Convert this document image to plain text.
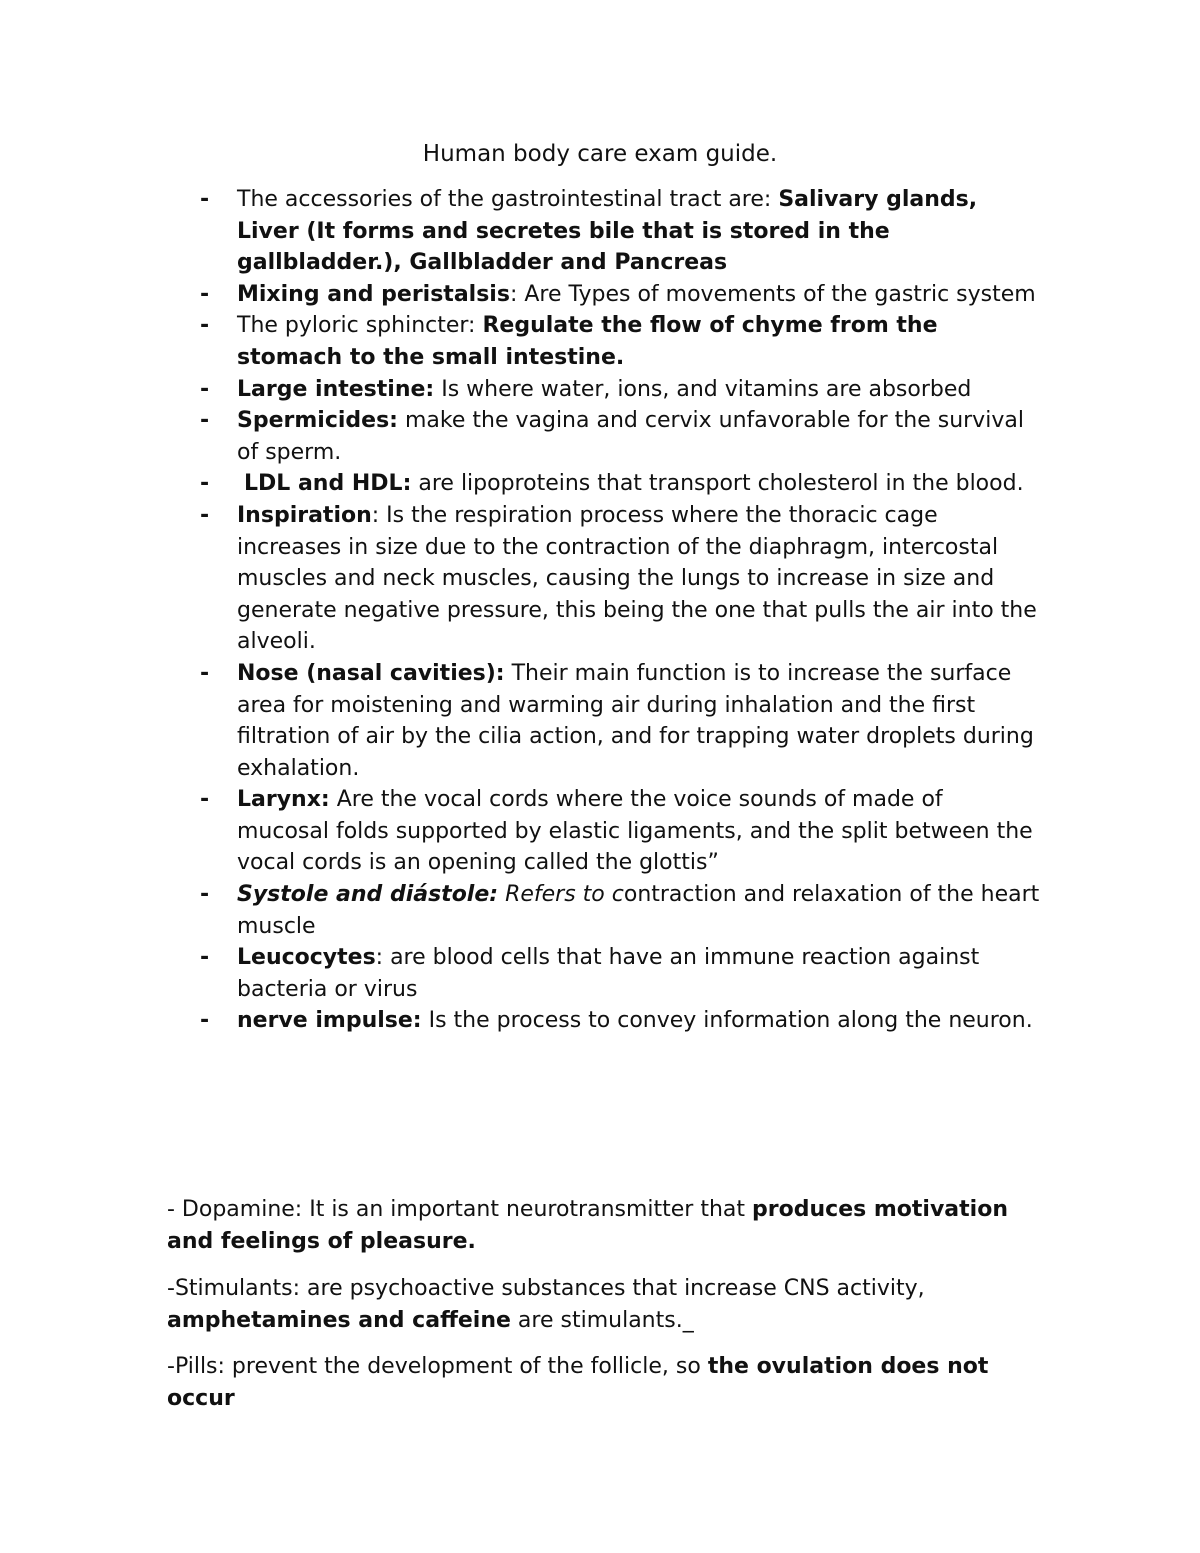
Human body care exam guide.
- The accessories of the gastrointestinal tract are: Salivary glands, Liver (It forms and secretes bile that is stored in the gallbladder.), Gallbladder and Pancreas
- Mixing and peristalsis: Are Types of movements of the gastric system
- The pyloric sphincter: Regulate the flow of chyme from the stomach to the small intestine.
- Large intestine: Is where water, ions, and vitamins are absorbed
- Spermicides: make the vagina and cervix unfavorable for the survival of sperm.
- LDL and HDL: are lipoproteins that transport cholesterol in the blood.
- Inspiration: Is the respiration process where the thoracic cage increases in size due to the contraction of the diaphragm, intercostal muscles and neck muscles, causing the lungs to increase in size and generate negative pressure, this being the one that pulls the air into the alveoli.
- Nose (nasal cavities): Their main function is to increase the surface area for moistening and warming air during inhalation and the first filtration of air by the cilia action, and for trapping water droplets during exhalation.
- Larynx: Are the vocal cords where the voice sounds of made of mucosal folds supported by elastic ligaments, and the split between the vocal cords is an opening called the glottis”
- Systole and diástole: Refers to contraction and relaxation of the heart muscle
- Leucocytes: are blood cells that have an immune reaction against bacteria or virus
- nerve impulse: Is the process to convey information along the neuron.

- Dopamine: It is an important neurotransmitter that produces motivation and feelings of pleasure.

-Stimulants: are psychoactive substances that increase CNS activity, amphetamines and caffeine are stimulants._

-Pills: prevent the development of the follicle, so the ovulation does not occur
